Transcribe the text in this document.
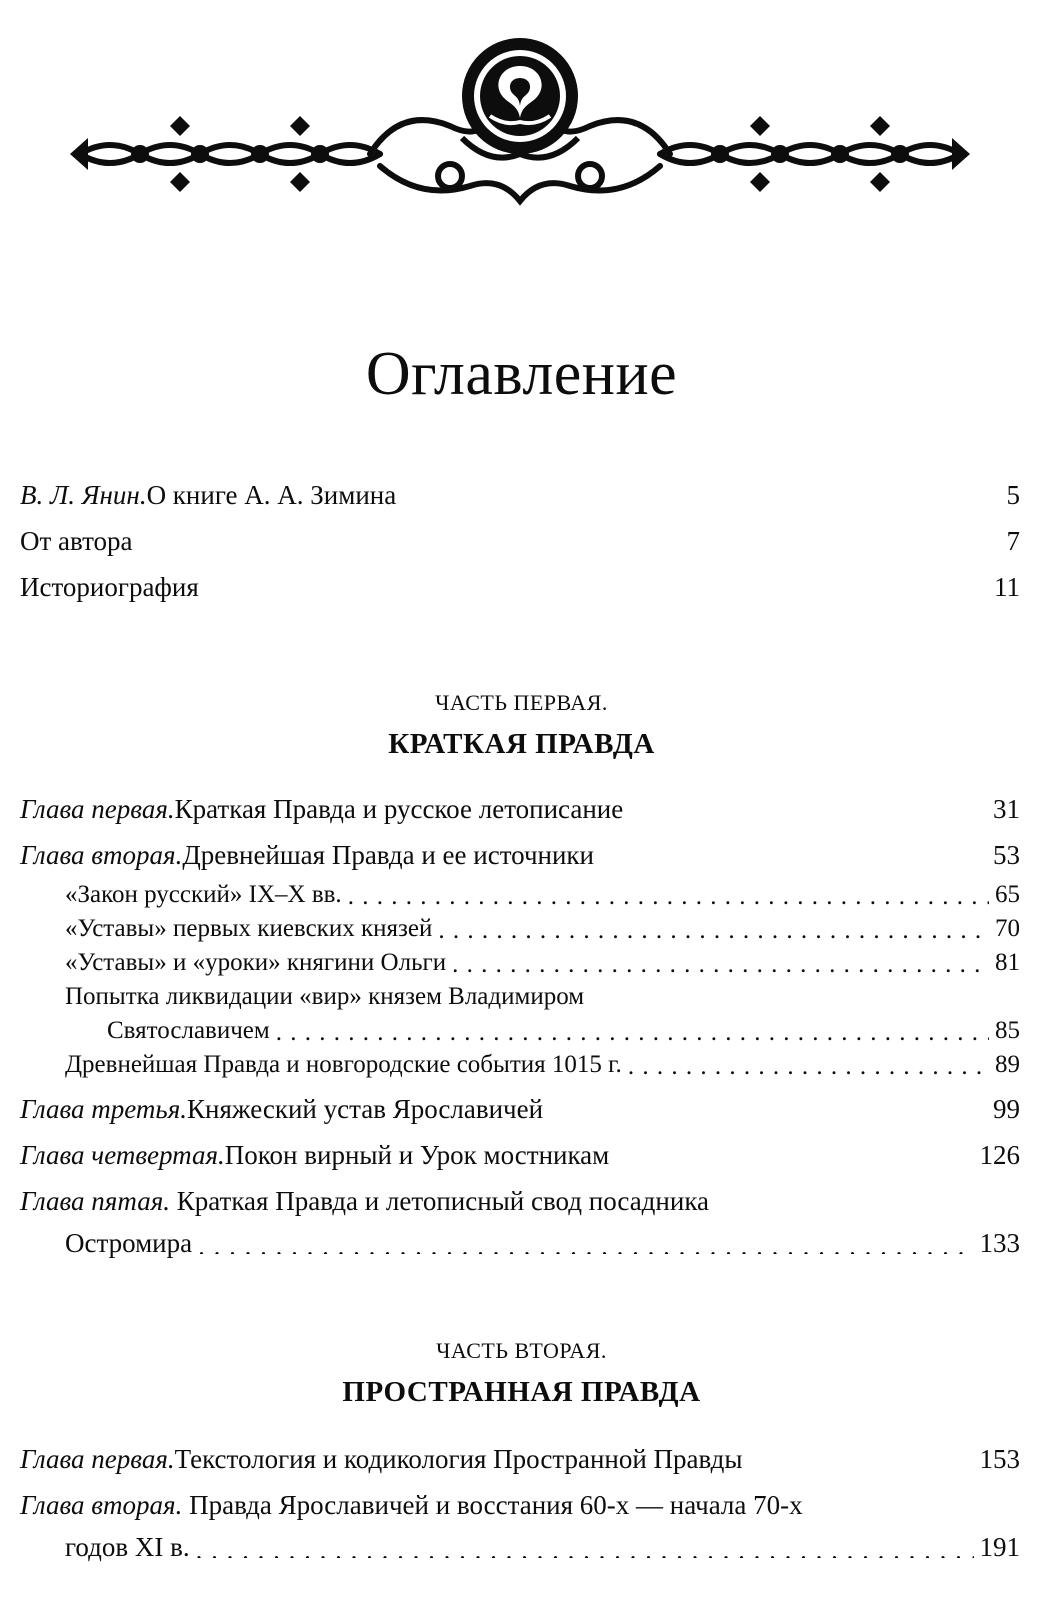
Оглавление
В. Л. Янин. О книге А. А. Зимина . . .	5
От автора . . .	7
Историография . . .	11
ЧАСТЬ ПЕРВАЯ.
КРАТКАЯ ПРАВДА
Глава первая. Краткая Правда и русское летописание . . .	31
Глава вторая. Древнейшая Правда и ее источники . . .	53
«Закон русский» IX–X вв. . . .	65
«Уставы» первых киевских князей . . .	70
«Уставы» и «уроки» княгини Ольги . . .	81
Попытка ликвидации «вир» князем Владимиром
Святославичем . . .	85
Древнейшая Правда и новгородские события 1015 г. . . .	89
Глава третья. Княжеский устав Ярославичей . . .	99
Глава четвертая. Покон вирный и Урок мостникам . . .	126
Глава пятая. Краткая Правда и летописный свод посадника
Остромира . . .	133
ЧАСТЬ ВТОРАЯ.
ПРОСТРАННАЯ ПРАВДА
Глава первая. Текстология и кодикология Пространной Правды	153
Глава вторая. Правда Ярославичей и восстания 60-х — начала 70-х
годов XI в. . . .	191
